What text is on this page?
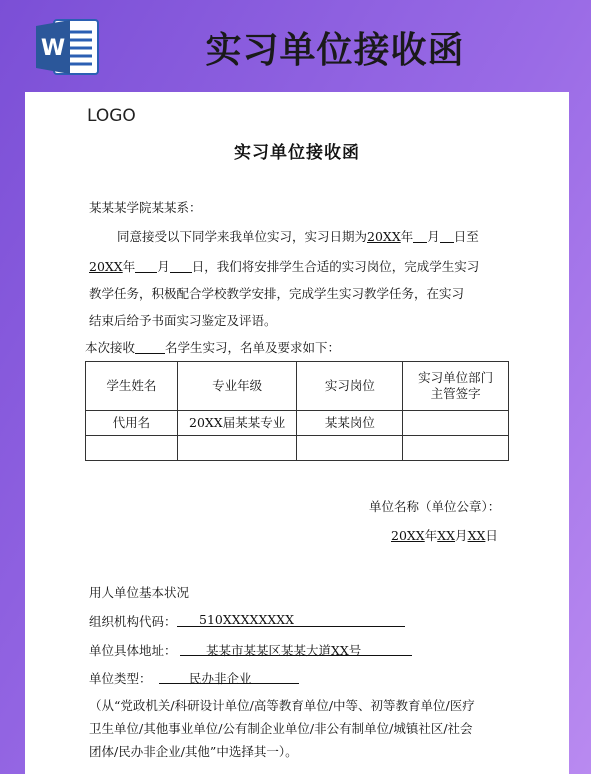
W	实习单位接收函
LOGO
实习单位接收函
某某某学院某某系：
同意接受以下同学来我单位实习，实习日期为20XX年 月 日至
20XX年 月 日，我们将安排学生合适的实习岗位，完成学生实习
教学任务，积极配合学校教学安排，完成学生实习教学任务，在实习
结束后给予书面实习鉴定及评语。
本次接收 名学生实习，名单及要求如下：
学生姓名	专业年级	实习岗位	实习单位部门主管签字
代用名	20XX届某某专业	某某岗位	

单位名称（单位公章）：
20XX年XX月XX日
用人单位基本状况
组织机构代码： 510XXXXXXXX
单位具体地址： 某某市某某区某某大道XX号
单位类型：	民办非企业
（从“党政机关/科研设计单位/高等教育单位/中等、初等教育单位/医疗
卫生单位/其他事业单位/公有制企业单位/非公有制单位/城镇社区/社会
团体/民办非企业/其他”中选择其一）。
